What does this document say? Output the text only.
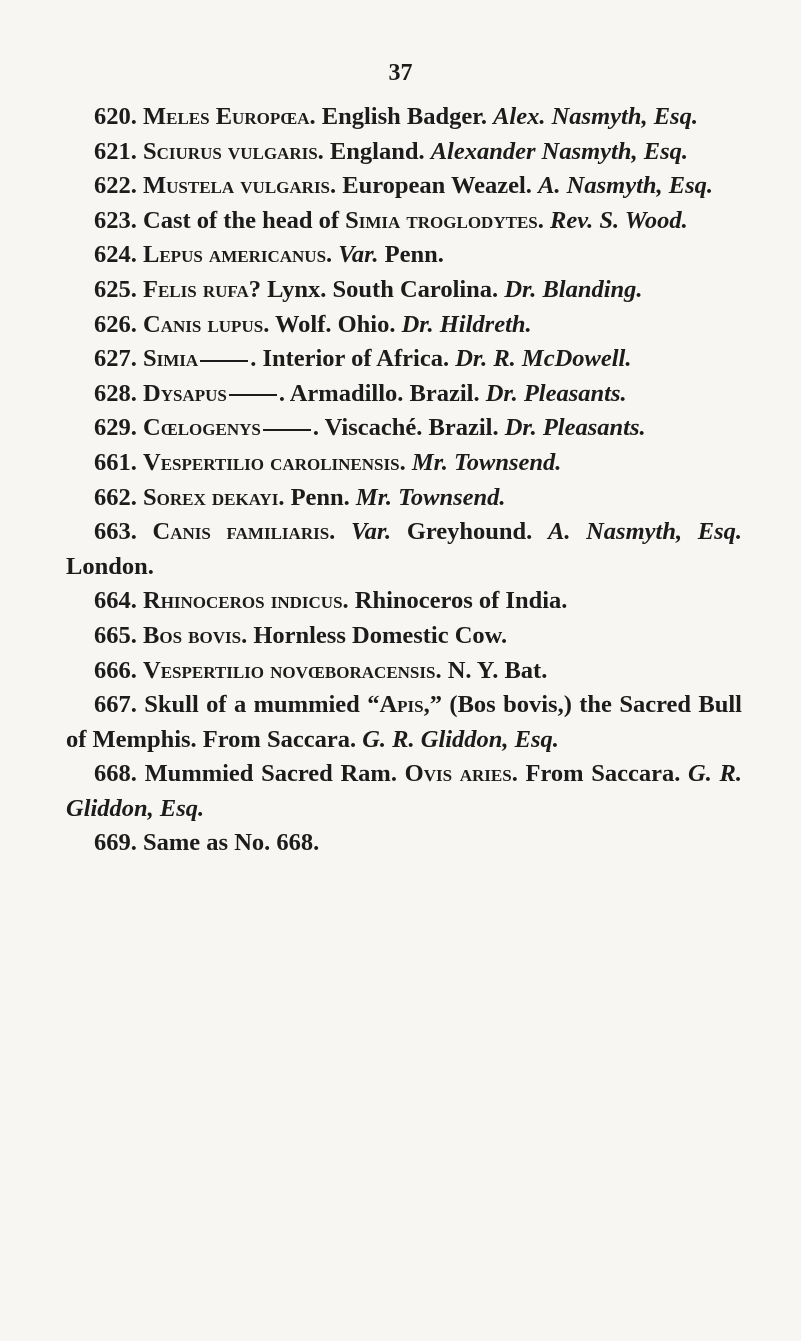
37

620. Meles Europœa. English Badger. Alex. Nasmyth, Esq.

621. Sciurus vulgaris. England. Alexander Nasmyth, Esq.

622. Mustela vulgaris. European Weazel. A. Nasmyth, Esq.

623. Cast of the head of Simia troglodytes. Rev. S. Wood.

624. Lepus americanus. Var. Penn.

625. Felis rufa? Lynx. South Carolina. Dr. Blanding.

626. Canis lupus. Wolf. Ohio. Dr. Hildreth.

627. Simia . Interior of Africa. Dr. R. McDowell.

628. Dysapus . Armadillo. Brazil. Dr. Pleasants.

629. Cœlogenys . Viscaché. Brazil. Dr. Pleasants.

661. Vespertilio carolinensis. Mr. Townsend.

662. Sorex dekayi. Penn. Mr. Townsend.

663. Canis familiaris. Var. Greyhound. A. Nasmyth, Esq. London.

664. Rhinoceros indicus. Rhinoceros of India.

665. Bos bovis. Hornless Domestic Cow.

666. Vespertilio novœboracensis. N. Y. Bat.

667. Skull of a mummied “Apis,” (Bos bovis,) the Sacred Bull of Memphis. From Saccara. G. R. Gliddon, Esq.

668. Mummied Sacred Ram. Ovis aries. From Saccara. G. R. Gliddon, Esq.

669. Same as No. 668.
